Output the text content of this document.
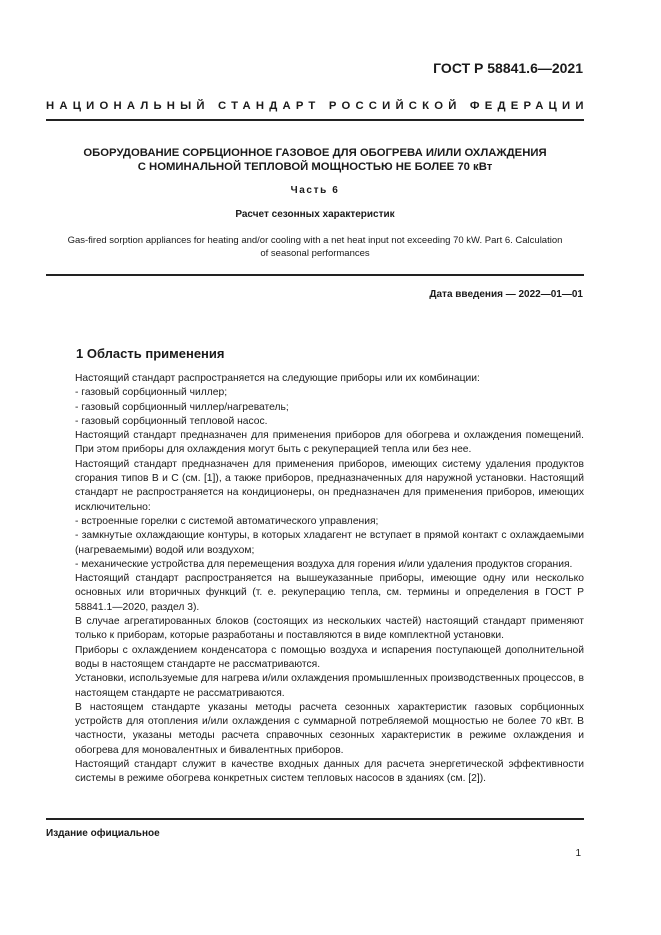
ГОСТ Р 58841.6—2021
НАЦИОНАЛЬНЫЙ СТАНДАРТ РОССИЙСКОЙ ФЕДЕРАЦИИ
ОБОРУДОВАНИЕ СОРБЦИОННОЕ ГАЗОВОЕ ДЛЯ ОБОГРЕВА И/ИЛИ ОХЛАЖДЕНИЯ
С НОМИНАЛЬНОЙ ТЕПЛОВОЙ МОЩНОСТЬЮ НЕ БОЛЕЕ 70 кВт
Часть 6
Расчет сезонных характеристик
Gas-fired sorption appliances for heating and/or cooling with a net heat input not exceeding 70 kW. Part 6. Calculation
of seasonal performances
Дата введения — 2022—01—01
1 Область применения

Настоящий стандарт распространяется на следующие приборы или их комбинации:

- газовый сорбционный чиллер;

- газовый сорбционный чиллер/нагреватель;

- газовый сорбционный тепловой насос.

Настоящий стандарт предназначен для применения приборов для обогрева и охлаждения помещений. При этом приборы для охлаждения могут быть с рекуперацией тепла или без нее.

Настоящий стандарт предназначен для применения приборов, имеющих систему удаления продуктов сгорания типов B и C (см. [1]), а также приборов, предназначенных для наружной установки. Настоящий стандарт не распространяется на кондиционеры, он предназначен для применения приборов, имеющих исключительно:

- встроенные горелки с системой автоматического управления;

- замкнутые охлаждающие контуры, в которых хладагент не вступает в прямой контакт с охлаждаемыми (нагреваемыми) водой или воздухом;

- механические устройства для перемещения воздуха для горения и/или удаления продуктов сгорания.

Настоящий стандарт распространяется на вышеуказанные приборы, имеющие одну или несколько основных или вторичных функций (т. е. рекуперацию тепла, см. термины и определения в ГОСТ Р 58841.1—2020, раздел 3).

В случае агрегатированных блоков (состоящих из нескольких частей) настоящий стандарт применяют только к приборам, которые разработаны и поставляются в виде комплектной установки.

Приборы с охлаждением конденсатора с помощью воздуха и испарения поступающей дополнительной воды в настоящем стандарте не рассматриваются.

Установки, используемые для нагрева и/или охлаждения промышленных производственных процессов, в настоящем стандарте не рассматриваются.

В настоящем стандарте указаны методы расчета сезонных характеристик газовых сорбционных устройств для отопления и/или охлаждения с суммарной потребляемой мощностью не более 70 кВт. В частности, указаны методы расчета справочных сезонных характеристик в режиме охлаждения и обогрева для моновалентных и бивалентных приборов.

Настоящий стандарт служит в качестве входных данных для расчета энергетической эффективности системы в режиме обогрева конкретных систем тепловых насосов в зданиях (см. [2]).

Издание официальное
1
